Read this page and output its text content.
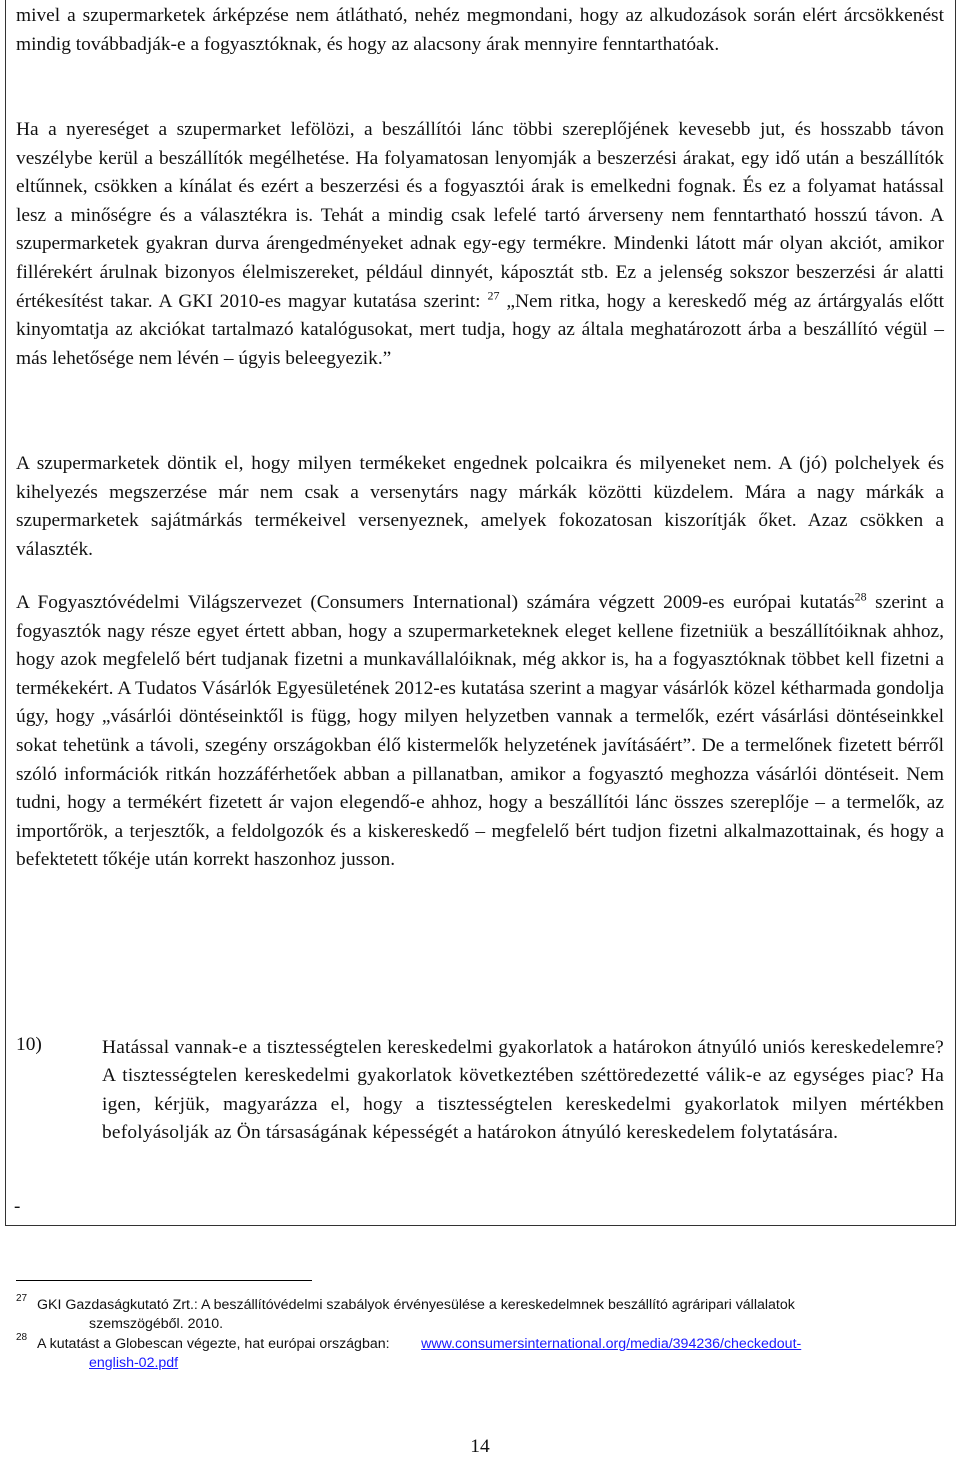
mivel a szupermarketek árképzése nem átlátható, nehéz megmondani, hogy az alkudozások során elért árcsökkenést mindig továbbadják-e a fogyasztóknak, és hogy az alacsony árak mennyire fenntarthatóak.

Ha a nyereséget a szupermarket lefölözi, a beszállítói lánc többi szereplőjének kevesebb jut, és hosszabb távon veszélybe kerül a beszállítók megélhetése. Ha folyamatosan lenyomják a beszerzési árakat, egy idő után a beszállítók eltűnnek, csökken a kínálat és ezért a beszerzési és a fogyasztói árak is emelkedni fognak. És ez a folyamat hatással lesz a minőségre és a választékra is. Tehát a mindig csak lefelé tartó árverseny nem fenntartható hosszú távon. A szupermarketek gyakran durva árengedményeket adnak egy-egy termékre. Mindenki látott már olyan akciót, amikor fillérekért árulnak bizonyos élelmiszereket, például dinnyét, káposztát stb. Ez a jelenség sokszor beszerzési ár alatti értékesítést takar. A GKI 2010-es magyar kutatása szerint: $^{27}$ „Nem ritka, hogy a kereskedő még az ártárgyalás előtt kinyomtatja az akciókat tartalmazó katalógusokat, mert tudja, hogy az általa meghatározott árba a beszállító végül – más lehetősége nem lévén – úgyis beleegyezik.”

A szupermarketek döntik el, hogy milyen termékeket engednek polcaikra és milyeneket nem. A (jó) polchelyek és kihelyezés megszerzése már nem csak a versenytárs nagy márkák közötti küzdelem. Mára a nagy márkák a szupermarketek sajátmárkás termékeivel versenyeznek, amelyek fokozatosan kiszorítják őket. Azaz csökken a választék.

A Fogyasztóvédelmi Világszervezet (Consumers International) számára végzett 2009-es európai kutatás$^{28}$ szerint a fogyasztók nagy része egyet értett abban, hogy a szupermarketeknek eleget kellene fizetniük a beszállítóiknak ahhoz, hogy azok megfelelő bért tudjanak fizetni a munkavállalóiknak, még akkor is, ha a fogyasztóknak többet kell fizetni a termékekért. A Tudatos Vásárlók Egyesületének 2012-es kutatása szerint a magyar vásárlók közel kétharmada gondolja úgy, hogy „vásárlói döntéseinktől is függ, hogy milyen helyzetben vannak a termelők, ezért vásárlási döntéseinkkel sokat tehetünk a távoli, szegény országokban élő kistermelők helyzetének javításáért”. De a termelőnek fizetett bérről szóló információk ritkán hozzáférhetőek abban a pillanatban, amikor a fogyasztó meghozza vásárlói döntéseit. Nem tudni, hogy a termékért fizetett ár vajon elegendő-e ahhoz, hogy a beszállítói lánc összes szereplője – a termelők, az importőrök, a terjesztők, a feldolgozók és a kiskereskedő – megfelelő bért tudjon fizetni alkalmazottainak, és hogy a befektetett tőkéje után korrekt haszonhoz jusson.

10)	Hatással vannak-e a tisztességtelen kereskedelmi gyakorlatok a határokon átnyúló uniós kereskedelemre? A tisztességtelen kereskedelmi gyakorlatok következtében széttöredezetté válik-e az egységes piac? Ha igen, kérjük, magyarázza el, hogy a tisztességtelen kereskedelmi gyakorlatok milyen mértékben befolyásolják az Ön társaságának képességét a határokon átnyúló kereskedelem folytatására.
-
27 GKI Gazdaságkutató Zrt.: A beszállítóvédelmi szabályok érvényesülése a kereskedelmnek beszállító agráripari vállalatok
szemszögéből. 2010.
28 A kutatást a Globescan végezte, hat európai országban: www.consumersinternational.org/media/394236/checkedout-
english-02.pdf
14
